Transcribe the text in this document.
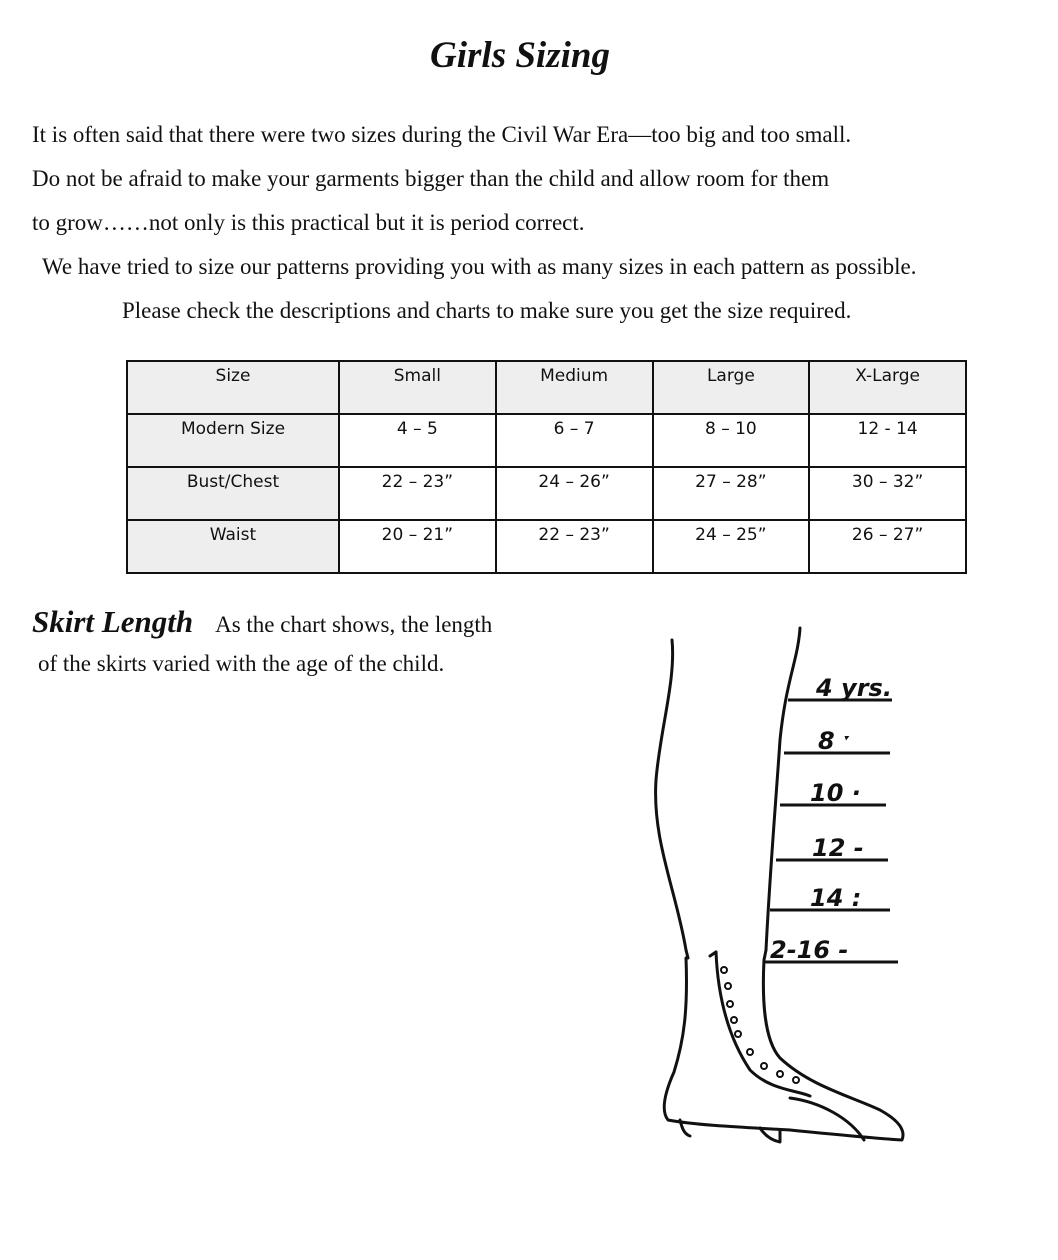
Girls Sizing

It is often said that there were two sizes during the Civil War Era—too big and too small.

Do not be afraid to make your garments bigger than the child and allow room for them

to grow……not only is this practical but it is period correct.

We have tried to size our patterns providing you with as many sizes in each pattern as possible.

Please check the descriptions and charts to make sure you get the size required.

Size	Small	Medium	Large	X-Large
Modern Size	4 – 5	6 – 7	8 – 10	12 - 14
Bust/Chest	22 – 23”	24 – 26”	27 – 28”	30 – 32”
Waist	20 – 21”	22 – 23”	24 – 25”	26 – 27”
Skirt Length As the chart shows, the length
of the skirts varied with the age of the child.
4 yrs.
8 ˑ
10 ·
12 -
14 :
2-16 -
